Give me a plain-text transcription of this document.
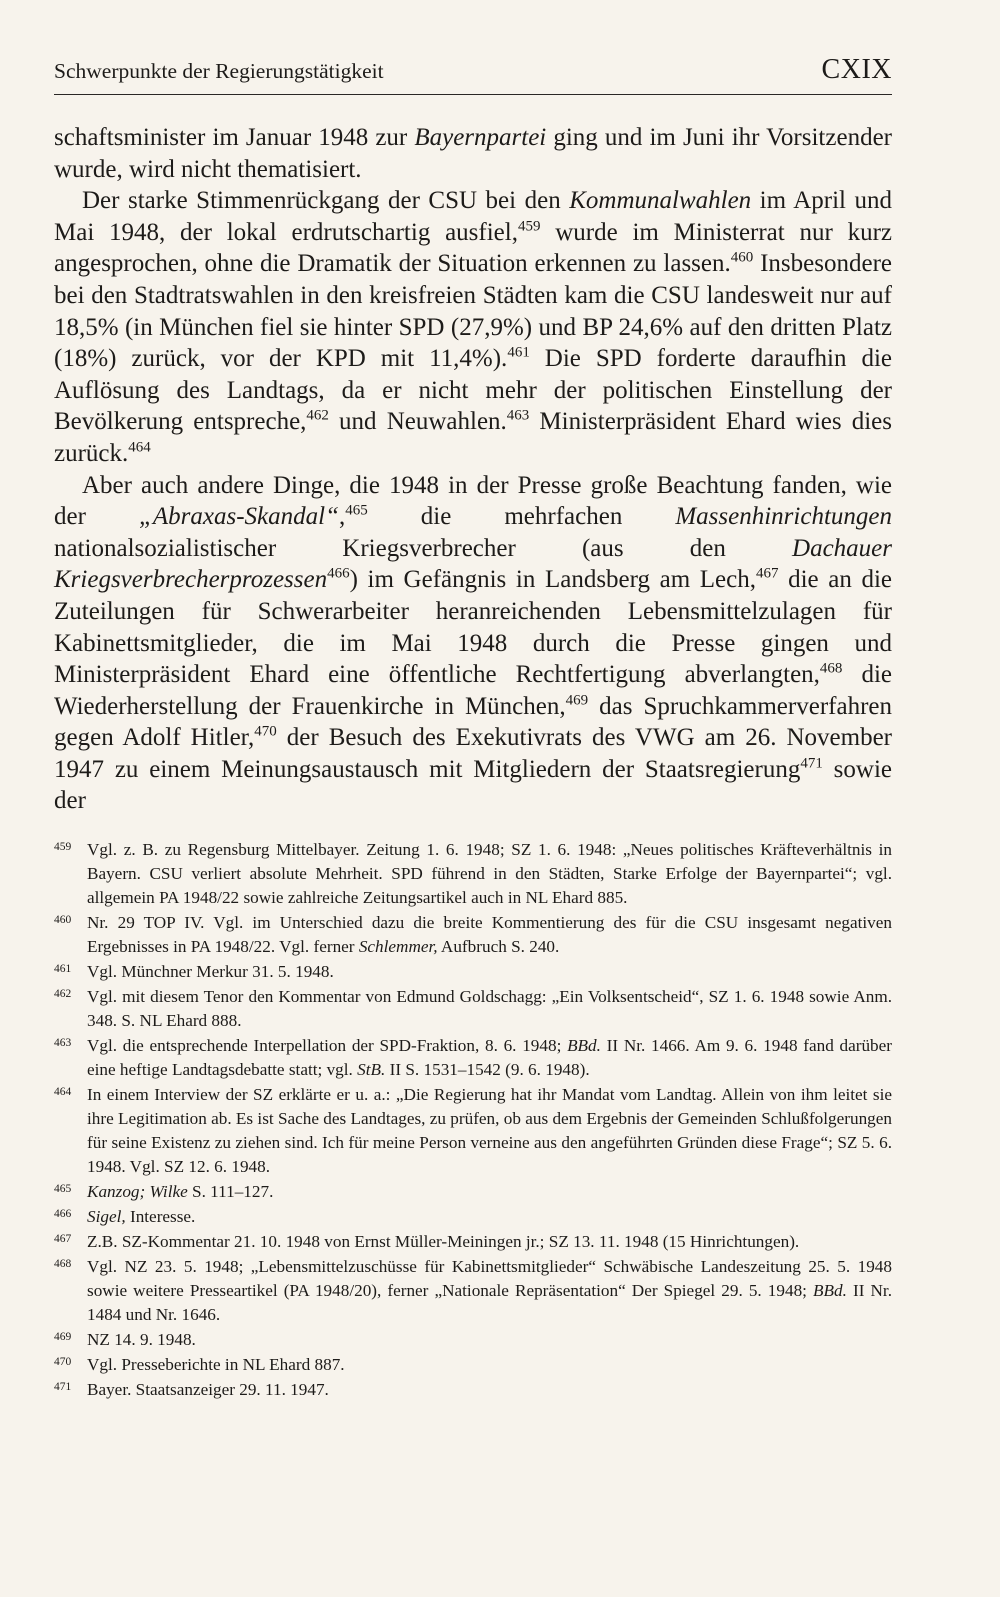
Schwerpunkte der Regierungstätigkeit	CXIX

schaftsminister im Januar 1948 zur Bayernpartei ging und im Juni ihr Vorsitzender wurde, wird nicht thematisiert.

Der starke Stimmenrückgang der CSU bei den Kommunalwahlen im April und Mai 1948, der lokal erdrutschartig ausfiel,$^{459}$ wurde im Ministerrat nur kurz angesprochen, ohne die Dramatik der Situation erkennen zu lassen.$^{460}$ Insbesondere bei den Stadtratswahlen in den kreisfreien Städten kam die CSU landesweit nur auf 18,5% (in München fiel sie hinter SPD (27,9%) und BP 24,6% auf den dritten Platz (18%) zurück, vor der KPD mit 11,4%).$^{461}$ Die SPD forderte daraufhin die Auflösung des Landtags, da er nicht mehr der politischen Einstellung der Bevölkerung entspreche,$^{462}$ und Neuwahlen.$^{463}$ Ministerpräsident Ehard wies dies zurück.$^{464}$

Aber auch andere Dinge, die 1948 in der Presse große Beachtung fanden, wie der „Abraxas-Skandal“,$^{465}$ die mehrfachen Massenhinrichtungen nationalsozialistischer Kriegsverbrecher (aus den Dachauer Kriegsverbrecherprozessen$^{466}$) im Gefängnis in Landsberg am Lech,$^{467}$ die an die Zuteilungen für Schwerarbeiter heranreichenden Lebensmittelzulagen für Kabinettsmitglieder, die im Mai 1948 durch die Presse gingen und Ministerpräsident Ehard eine öffentliche Rechtfertigung abverlangten,$^{468}$ die Wiederherstellung der Frauenkirche in München,$^{469}$ das Spruchkammerverfahren gegen Adolf Hitler,$^{470}$ der Besuch des Exekutivrats des VWG am 26. November 1947 zu einem Meinungsaustausch mit Mitgliedern der Staatsregierung$^{471}$ sowie der

459 Vgl. z. B. zu Regensburg Mittelbayer. Zeitung 1. 6. 1948; SZ 1. 6. 1948: „Neues politisches Kräfteverhältnis in Bayern. CSU verliert absolute Mehrheit. SPD führend in den Städten, Starke Erfolge der Bayernpartei“; vgl. allgemein PA 1948/22 sowie zahlreiche Zeitungsartikel auch in NL Ehard 885.
460 Nr. 29 TOP IV. Vgl. im Unterschied dazu die breite Kommentierung des für die CSU insgesamt negativen Ergebnisses in PA 1948/22. Vgl. ferner Schlemmer, Aufbruch S. 240.
461 Vgl. Münchner Merkur 31. 5. 1948.
462 Vgl. mit diesem Tenor den Kommentar von Edmund Goldschagg: „Ein Volksentscheid“, SZ 1. 6. 1948 sowie Anm. 348. S. NL Ehard 888.
463 Vgl. die entsprechende Interpellation der SPD-Fraktion, 8. 6. 1948; BBd. II Nr. 1466. Am 9. 6. 1948 fand darüber eine heftige Landtagsdebatte statt; vgl. StB. II S. 1531–1542 (9. 6. 1948).
464 In einem Interview der SZ erklärte er u. a.: „Die Regierung hat ihr Mandat vom Landtag. Allein von ihm leitet sie ihre Legitimation ab. Es ist Sache des Landtages, zu prüfen, ob aus dem Ergebnis der Gemeinden Schlußfolgerungen für seine Existenz zu ziehen sind. Ich für meine Person verneine aus den angeführten Gründen diese Frage“; SZ 5. 6. 1948. Vgl. SZ 12. 6. 1948.
465 Kanzog; Wilke S. 111–127.
466 Sigel, Interesse.
467 Z.B. SZ-Kommentar 21. 10. 1948 von Ernst Müller-Meiningen jr.; SZ 13. 11. 1948 (15 Hinrichtungen).
468 Vgl. NZ 23. 5. 1948; „Lebensmittelzuschüsse für Kabinettsmitglieder“ Schwäbische Landeszeitung 25. 5. 1948 sowie weitere Presseartikel (PA 1948/20), ferner „Nationale Repräsentation“ Der Spiegel 29. 5. 1948; BBd. II Nr. 1484 und Nr. 1646.
469 NZ 14. 9. 1948.
470 Vgl. Presseberichte in NL Ehard 887.
471 Bayer. Staatsanzeiger 29. 11. 1947.
